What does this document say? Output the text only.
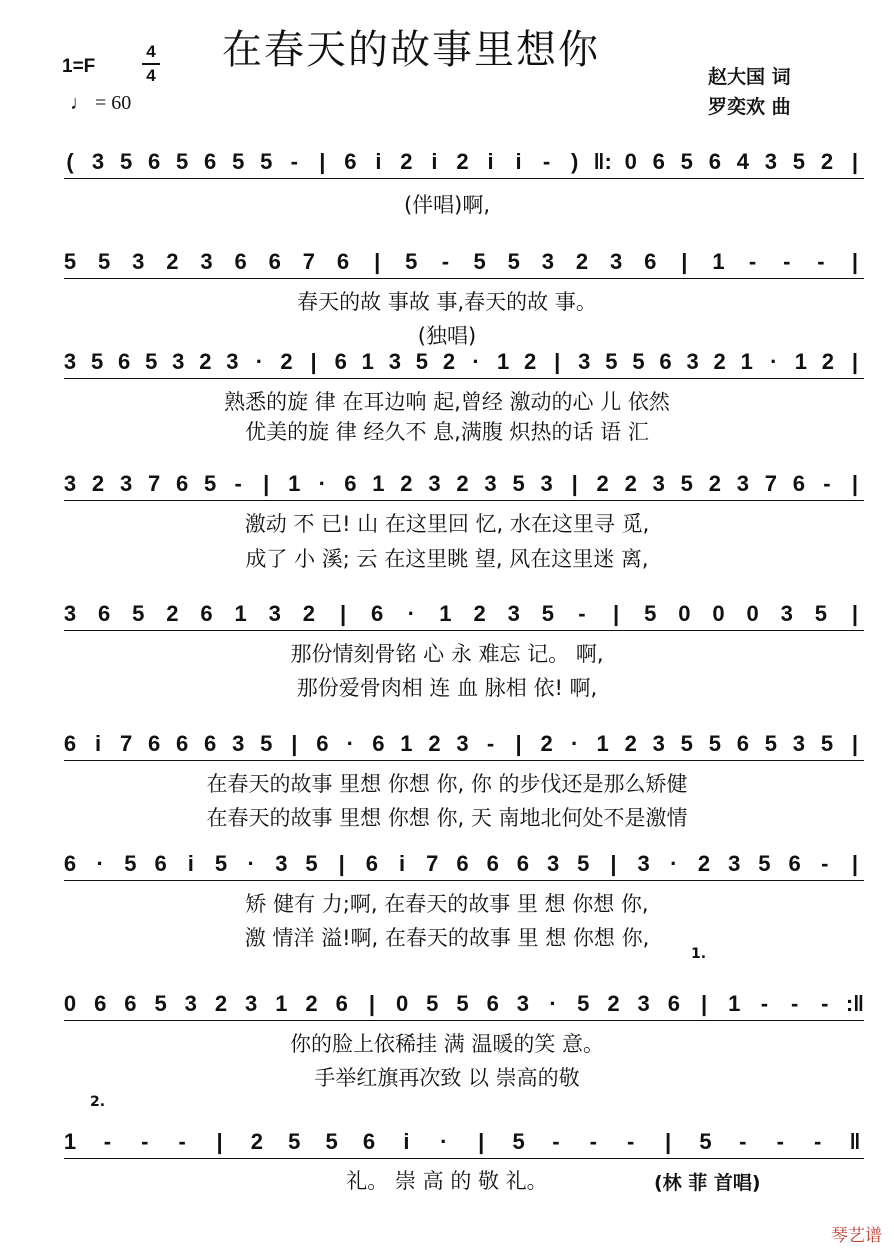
在春天的故事里想你
1=F
4
4
♩ = 60
赵大国 词
罗奕欢 曲
( 3 5 6 5 6 5 5 - | 6 i 2 i 2 i i - ) ‖: 0 6 5 6 4 3 5 2 |
5 5 3 2 3 6 6 7 6 | 5 - 5 5 3 2 3 6 | 1 - - - |
3 5 6 5 3 2 3 · 2 | 6 1 3 5 2 · 1 2 | 3 5 5 6 3 2 1 · 1 2 |
3 2 3 7 6 5 - | 1 · 6 1 2 3 2 3 5 3 | 2 2 3 5 2 3 7 6 - |
3 6 5 2 6 1 3 2 | 6 · 1 2 3 5 - | 5 0 0 0 3 5 |
6 i 7 6 6 6 3 5 | 6 · 6 1 2 3 - | 2 · 1 2 3 5 5 6 5 3 5 |
6 · 5 6 i 5 · 3 5 | 6 i 7 6 6 6 3 5 | 3 · 2 3 5 6 - |
0 6 6 5 3 2 3 1 2 6 | 0 5 5 6 3 · 5 2 3 6 | 1 - - - :‖
1 - - - | 2 5 5 6 i · | 5 - - - | 5 - - - ‖
(伴唱)啊,
春天的故 事故 事,春天的故 事。
(独唱)
熟悉的旋 律 在耳边响 起,曾经 激动的心 儿 依然
优美的旋 律 经久不 息,满腹 炽热的话 语 汇
激动 不 已! 山 在这里回 忆, 水在这里寻 觅,
成了 小 溪; 云 在这里眺 望, 风在这里迷 离,
那份情刻骨铭 心 永 难忘 记。 啊,
那份爱骨肉相 连 血 脉相 依! 啊,
在春天的故事 里想 你想 你, 你 的步伐还是那么矫健
在春天的故事 里想 你想 你, 天 南地北何处不是激情
矫 健有 力;啊, 在春天的故事 里 想 你想 你,
激 情洋 溢!啊, 在春天的故事 里 想 你想 你,
你的脸上依稀挂 满 温暖的笑 意。
手举红旗再次致 以 崇高的敬
礼。 崇 高 的 敬 礼。
1.
2.
(林 菲 首唱)
琴艺谱
